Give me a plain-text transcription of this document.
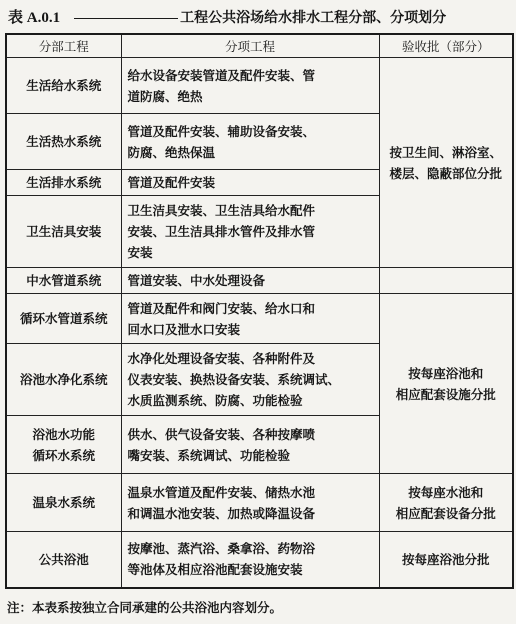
表 A.0.1	工程公共浴场给水排水工程分部、分项划分
分部工程	分项工程	验收批（部分）

生活给水系统	给水设备安装管道及配件安装、管
道防腐、绝热	按卫生间、淋浴室、
楼层、隐蔽部位分批

生活热水系统	管道及配件安装、辅助设备安装、
防腐、绝热保温	

生活排水系统	管道及配件安装	

卫生洁具安装	卫生洁具安装、卫生洁具给水配件
安装、卫生洁具排水管件及排水管
安装	

中水管道系统	管道安装、中水处理设备	

循环水管道系统	管道及配件和阀门安装、给水口和
回水口及泄水口安装	按每座浴池和
相应配套设施分批

浴池水净化系统	水净化处理设备安装、各种附件及
仪表安装、换热设备安装、系统调试、
水质监测系统、防腐、功能检验	

浴池水功能
循环水系统	供水、供气设备安装、各种按摩喷
嘴安装、系统调试、功能检验	

温泉水系统	温泉水管道及配件安装、储热水池
和调温水池安装、加热或降温设备	按每座水池和
相应配套设备分批

公共浴池	按摩池、蒸汽浴、桑拿浴、药物浴
等池体及相应浴池配套设施安装	按每座浴池分批
注：本表系按独立合同承建的公共浴池内容划分。
